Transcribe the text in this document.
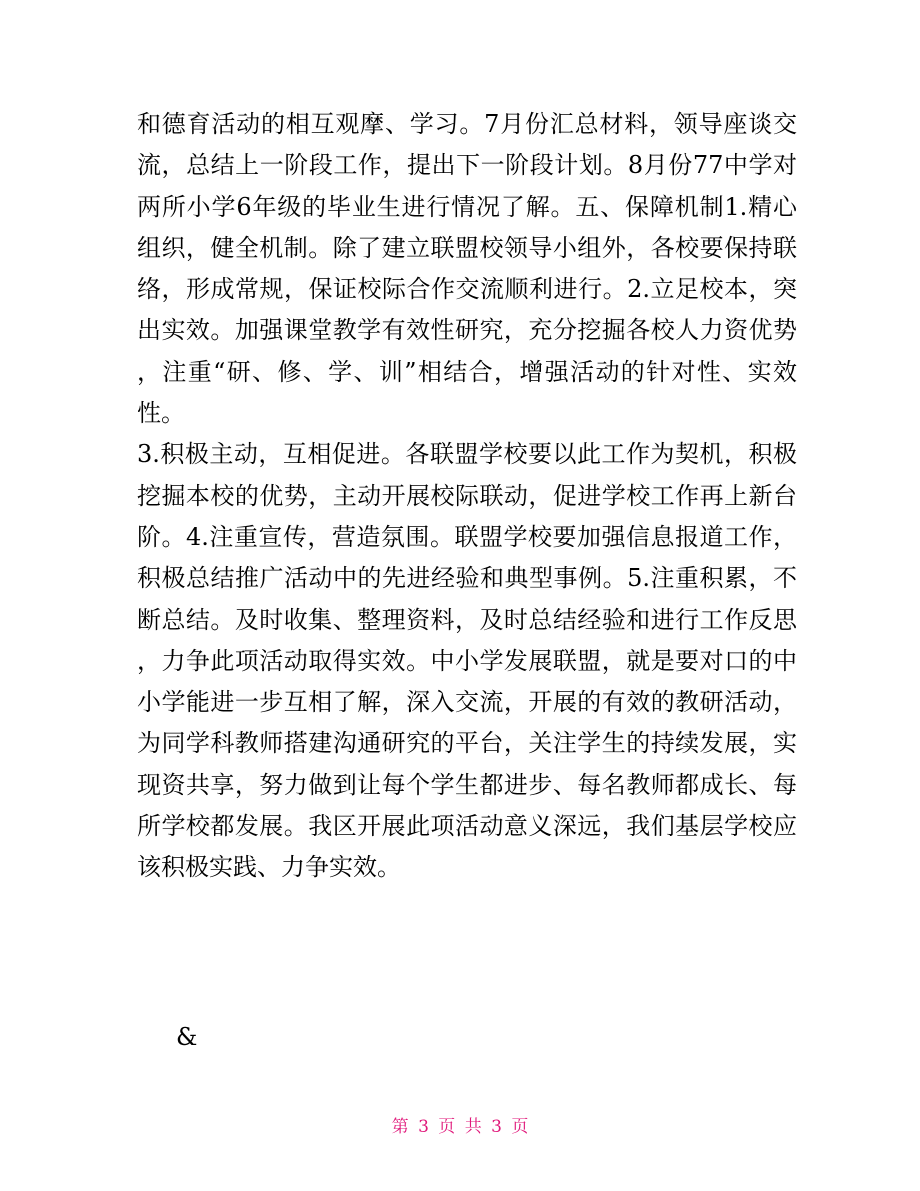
和德育活动的相互观摩、学习。7月份汇总材料，领导座谈交
流，总结上一阶段工作，提出下一阶段计划。8月份77中学对
两所小学6年级的毕业生进行情况了解。五、保障机制1.精心
组织，健全机制。除了建立联盟校领导小组外，各校要保持联
络，形成常规，保证校际合作交流顺利进行。2.立足校本，突
出实效。加强课堂教学有效性研究，充分挖掘各校人力资优势
，注重“研、修、学、训”相结合，增强活动的针对性、实效
性。
3.积极主动，互相促进。各联盟学校要以此工作为契机，积极
挖掘本校的优势，主动开展校际联动，促进学校工作再上新台
阶。4.注重宣传，营造氛围。联盟学校要加强信息报道工作，
积极总结推广活动中的先进经验和典型事例。5.注重积累，不
断总结。及时收集、整理资料，及时总结经验和进行工作反思
，力争此项活动取得实效。中小学发展联盟，就是要对口的中
小学能进一步互相了解，深入交流，开展的有效的教研活动，
为同学科教师搭建沟通研究的平台，关注学生的持续发展，实
现资共享，努力做到让每个学生都进步、每名教师都成长、每
所学校都发展。我区开展此项活动意义深远，我们基层学校应
该积极实践、力争实效。
&
第 3 页 共 3 页
